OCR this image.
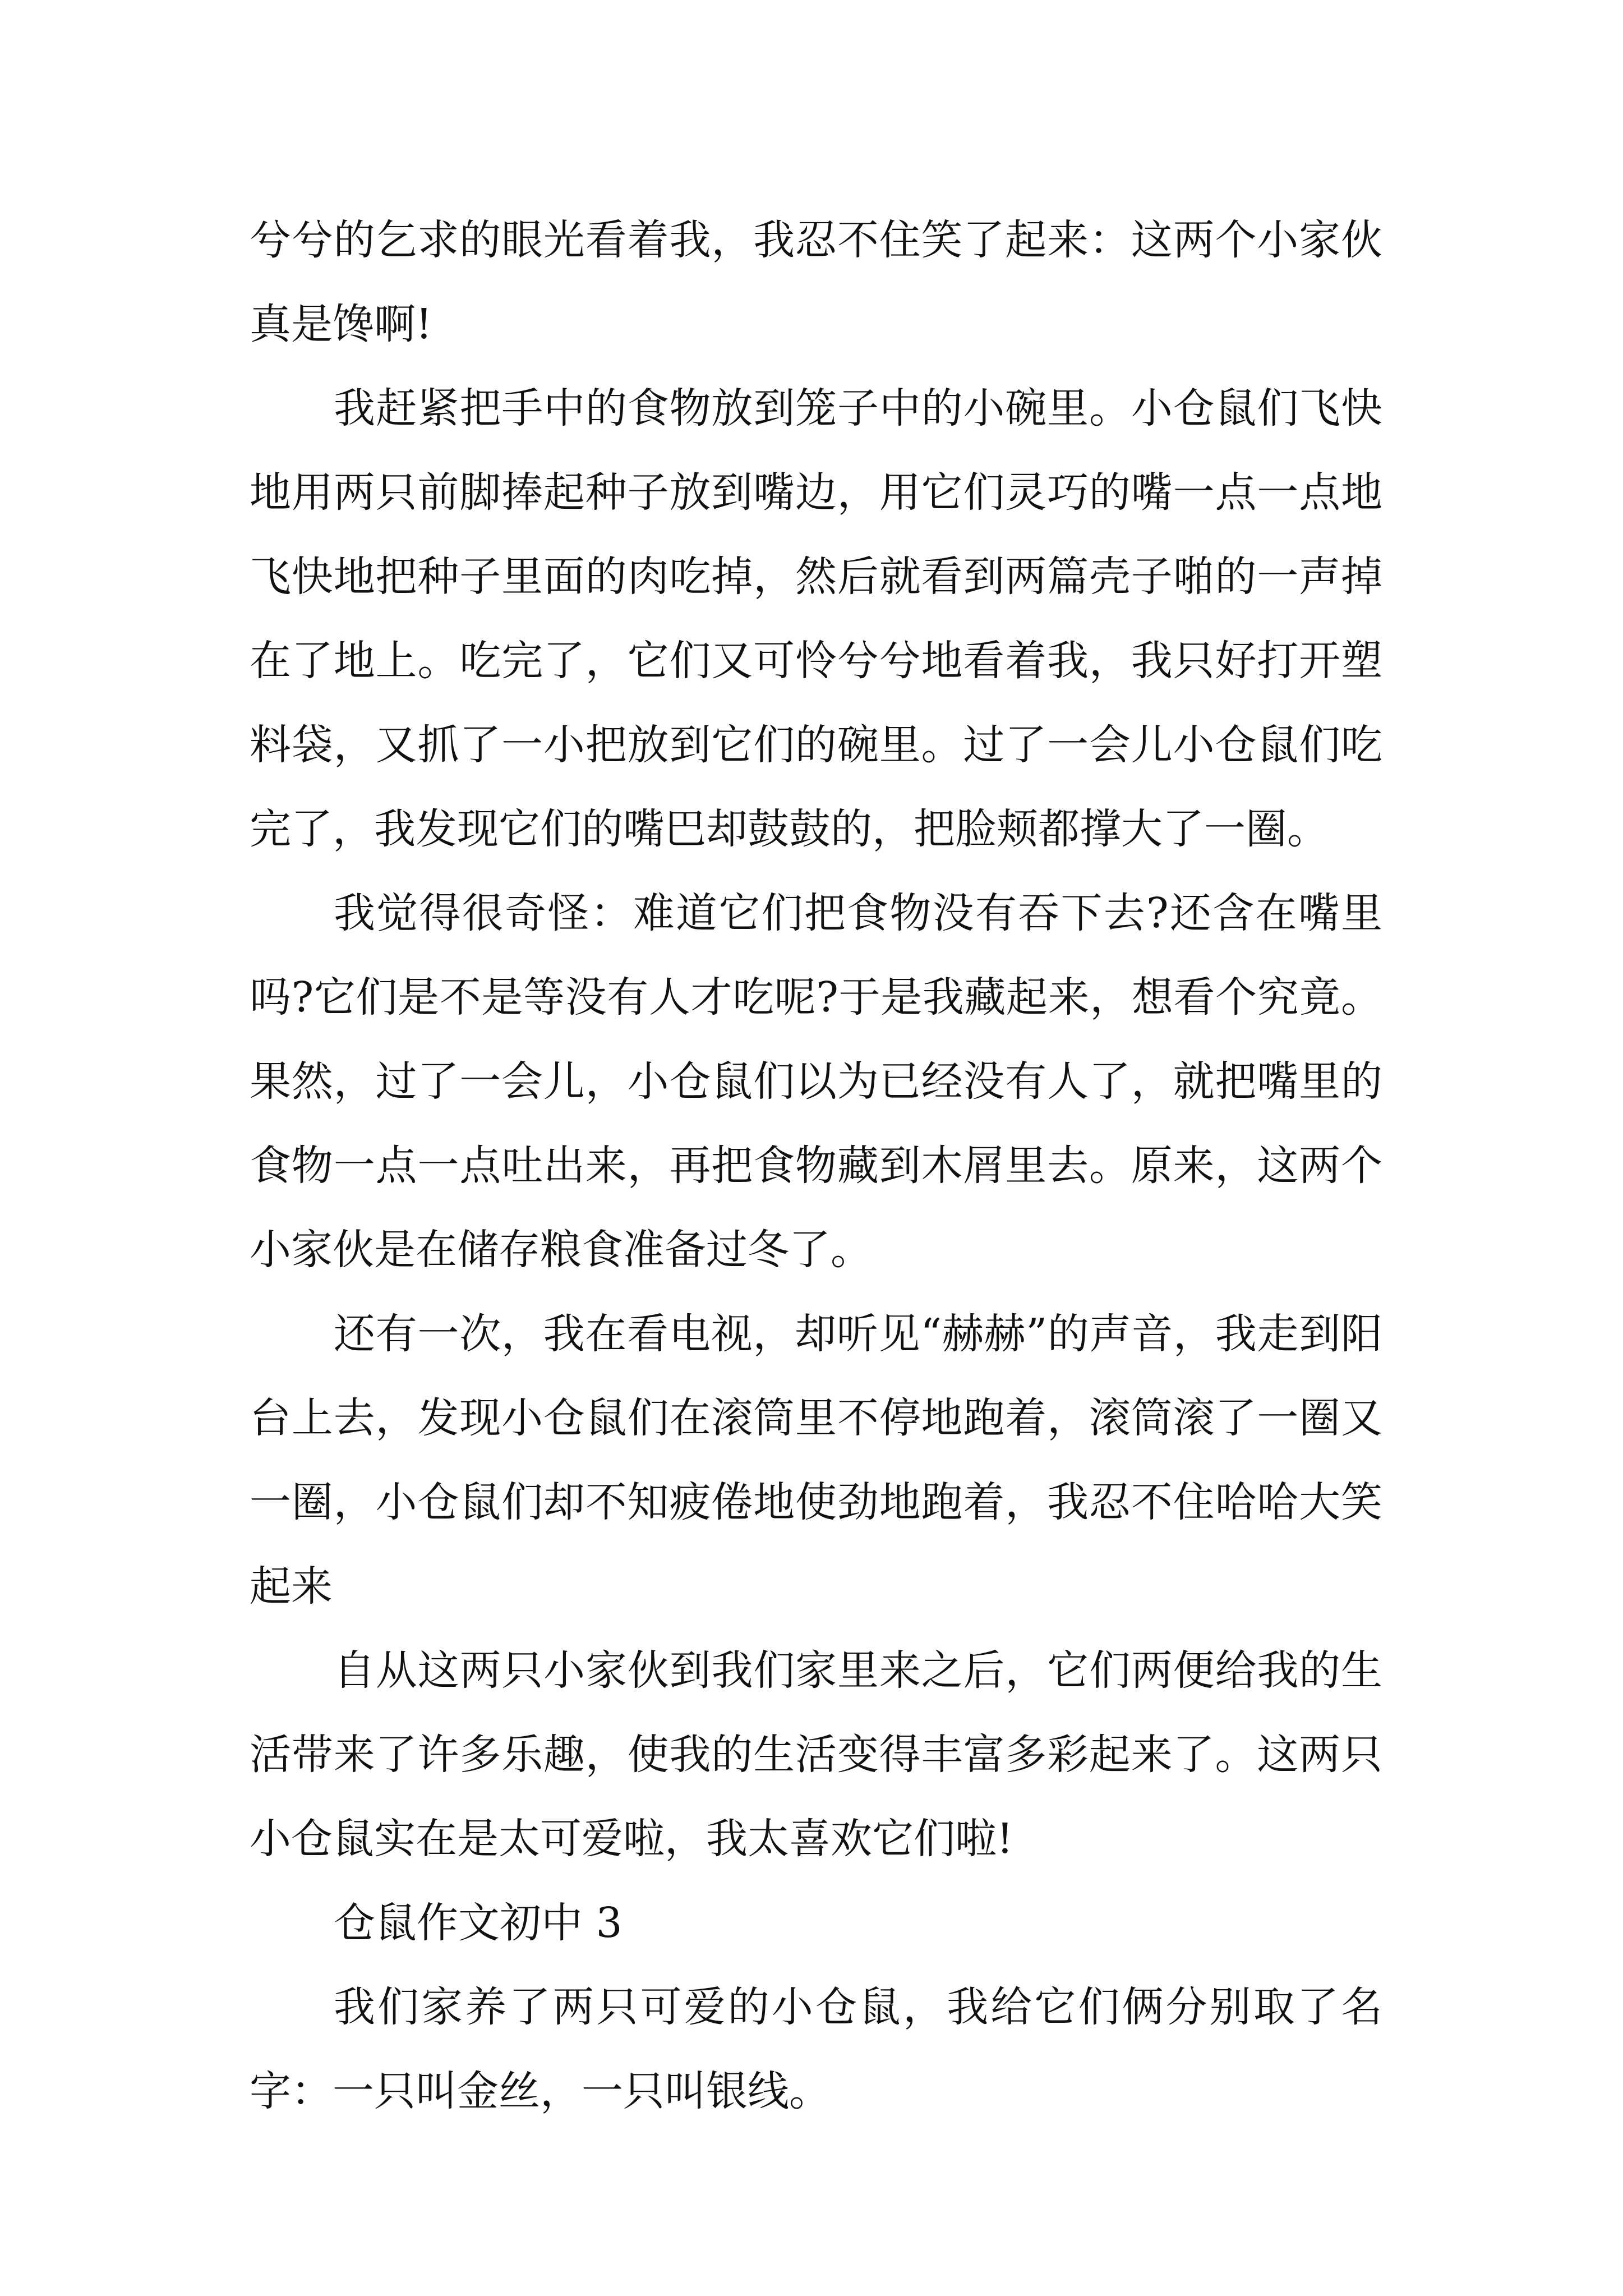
兮兮的乞求的眼光看着我，我忍不住笑了起来：这两个小家伙真是馋啊!

我赶紧把手中的食物放到笼子中的小碗里。小仓鼠们飞快地用两只前脚捧起种子放到嘴边，用它们灵巧的嘴一点一点地飞快地把种子里面的肉吃掉，然后就看到两篇壳子啪的一声掉在了地上。吃完了，它们又可怜兮兮地看着我，我只好打开塑料袋，又抓了一小把放到它们的碗里。过了一会儿小仓鼠们吃完了，我发现它们的嘴巴却鼓鼓的，把脸颊都撑大了一圈。

我觉得很奇怪：难道它们把食物没有吞下去?还含在嘴里吗?它们是不是等没有人才吃呢?于是我藏起来，想看个究竟。果然，过了一会儿，小仓鼠们以为已经没有人了，就把嘴里的食物一点一点吐出来，再把食物藏到木屑里去。原来，这两个小家伙是在储存粮食准备过冬了。

还有一次，我在看电视，却听见“赫赫”的声音，我走到阳台上去，发现小仓鼠们在滚筒里不停地跑着，滚筒滚了一圈又一圈，小仓鼠们却不知疲倦地使劲地跑着，我忍不住哈哈大笑起来

自从这两只小家伙到我们家里来之后，它们两便给我的生活带来了许多乐趣，使我的生活变得丰富多彩起来了。这两只小仓鼠实在是太可爱啦，我太喜欢它们啦!

仓鼠作文初中 3

我们家养了两只可爱的小仓鼠，我给它们俩分别取了名字：一只叫金丝，一只叫银线。
